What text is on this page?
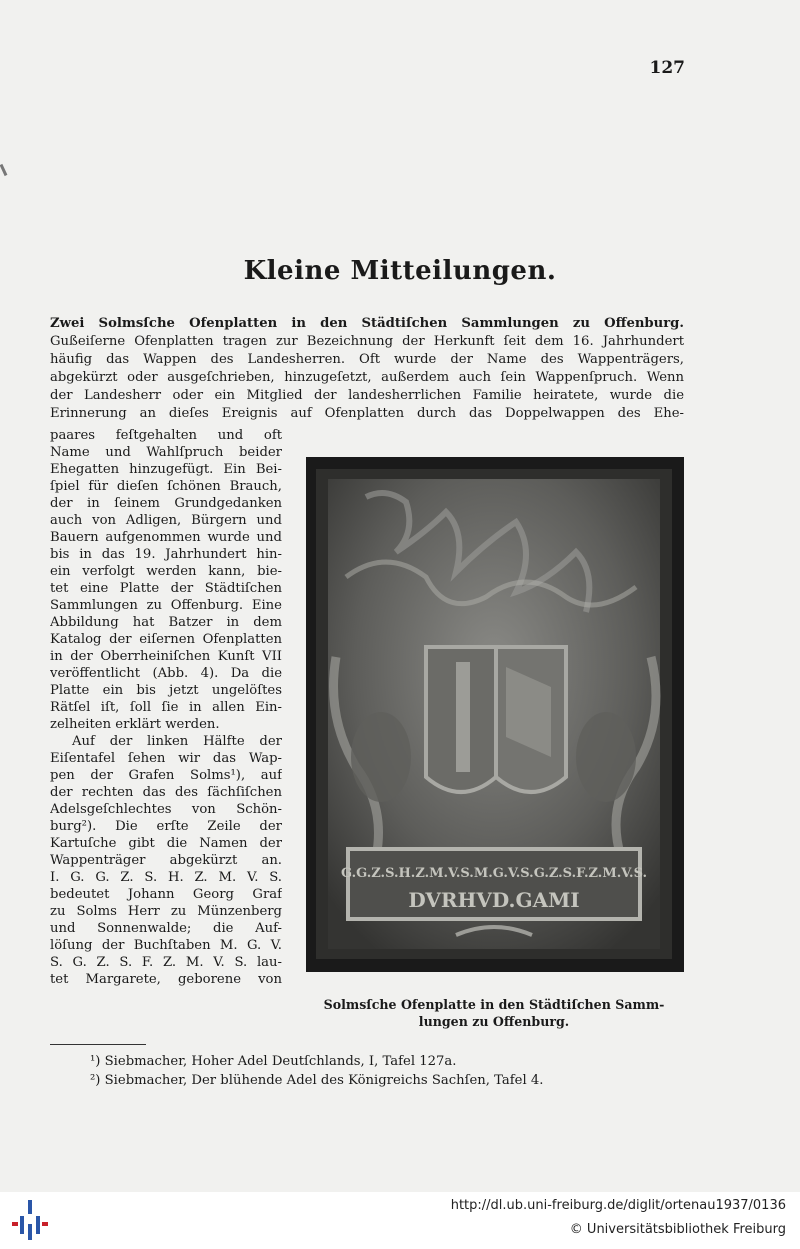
127
Kleine Mitteilungen.
Zwei Solmsſche Ofenplatten in den Städtiſchen Sammlungen zu Offenburg.
Gußeiſerne Ofenplatten tragen zur Bezeichnung der Herkunft ſeit dem 16. Jahrhundert
häufig das Wappen des Landesherren. Oft wurde der Name des Wappenträgers,
abgekürzt oder ausgeſchrieben, hinzugeſetzt, außerdem auch ſein Wappenſpruch. Wenn
der Landesherr oder ein Mitglied der landesherrlichen Familie heiratete, wurde die
Erinnerung an dieſes Ereignis auf Ofenplatten durch das Doppelwappen des Ehe-
paares feſtgehalten und oft
Name und Wahlſpruch beider
Ehegatten hinzugefügt. Ein Bei-
ſpiel für dieſen ſchönen Brauch,
der in ſeinem Grundgedanken
auch von Adligen, Bürgern und
Bauern aufgenommen wurde und
bis in das 19. Jahrhundert hin-
ein verfolgt werden kann, bie-
tet eine Platte der Städtiſchen
Sammlungen zu Offenburg. Eine
Abbildung hat Batzer in dem
Katalog der eiſernen Ofenplatten
in der Oberrheiniſchen Kunſt VII
veröffentlicht (Abb. 4). Da die
Platte ein bis jetzt ungelöſtes
Rätſel iſt, ſoll ſie in allen Ein-
zelheiten erklärt werden.
Auf der linken Hälfte der
Eiſentafel ſehen wir das Wap-
pen der Grafen Solms¹), auf
der rechten das des ſächſiſchen
Adelsgeſchlechtes von Schön-
burg²). Die erſte Zeile der
Kartuſche gibt die Namen der
Wappenträger abgekürzt an.
I. G. G. Z. S. H. Z. M. V. S.
bedeutet Johann Georg Graf
zu Solms Herr zu Münzenberg
und Sonnenwalde; die Auf-
löſung der Buchſtaben M. G. V.
S. G. Z. S. F. Z. M. V. S. lau-
tet Margarete, geborene von
G.G.Z.S.H.Z.M.V.S.M.G.V.S.G.Z.S.F.Z.M.V.S.
DVRHVD.GAMI
Solmsſche Ofenplatte in den Städtiſchen Samm-
lungen zu Offenburg.
¹) Siebmacher, Hoher Adel Deutſchlands, I, Tafel 127a.
²) Siebmacher, Der blühende Adel des Königreichs Sachſen, Tafel 4.
http://dl.ub.uni-freiburg.de/diglit/ortenau1937/0136
© Universitätsbibliothek Freiburg
